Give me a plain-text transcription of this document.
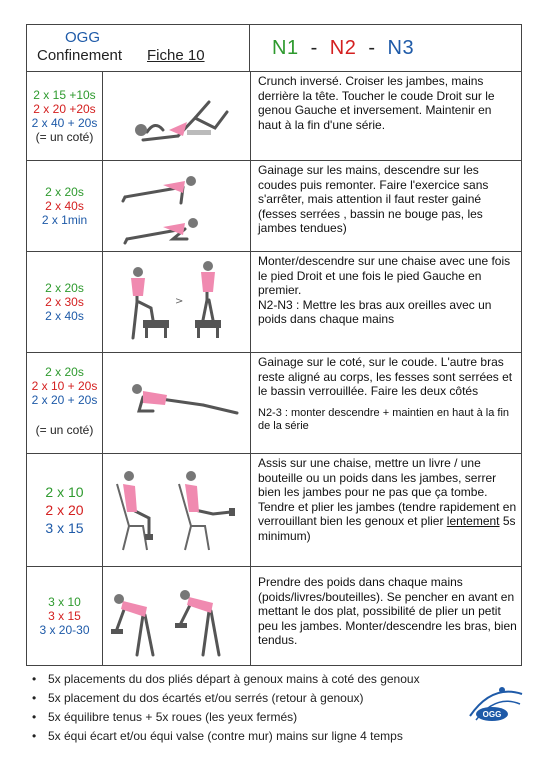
OGG
Confinement Fiche 10	N1 - N2 - N3
2 x 15 +10s
2 x 20 +20s
2 x 40 + 20s
(= un coté)
Crunch inversé. Croiser les jambes, mains derrière la tête. Toucher le coude Droit sur le genou Gauche et inversement. Maintenir en haut à la fin d'une série.
2 x 20s
2 x 40s
2 x 1min
Gainage sur les mains, descendre sur les coudes puis remonter. Faire l'exercice sans s'arrêter, mais attention il faut rester gainé (fesses serrées , bassin ne bouge pas, les jambes tendues)
2 x 20s
2 x 30s
2 x 40s
>
Monter/descendre sur une chaise avec une fois le pied Droit et une fois le pied Gauche en premier.
N2-N3 : Mettre les bras aux oreilles avec un poids dans chaque mains
2 x 20s
2 x 10 + 20s
2 x 20 + 20s
(= un coté)
Gainage sur le coté, sur le coude. L'autre bras reste aligné au corps, les fesses sont serrées et le bassin verrouillée. Faire les deux côtés
N2-3 : monter descendre + maintien en haut à la fin de la série
2 x 10
2 x 20
3 x 15
Assis sur une chaise, mettre un livre / une bouteille ou un poids dans les jambes, serrer bien les jambes pour ne pas que ça tombe. Tendre et plier les jambes (tendre rapidement en verrouillant bien les genoux et plier lentement 5s minimum)
3 x 10
3 x 15
3 x 20-30
Prendre des poids dans chaque mains (poids/livres/bouteilles). Se pencher en avant en mettant le dos plat, possibilité de plier un petit peu les jambes. Monter/descendre les bras, bien tendus.
• 5x placements du dos pliés départ à genoux mains à coté des genoux
• 5x placement du dos écartés et/ou serrés (retour à genoux)
• 5x équilibre tenus + 5x roues (les yeux fermés)
• 5x équi écart et/ou équi valse (contre mur) mains sur ligne 4 temps
OGG
